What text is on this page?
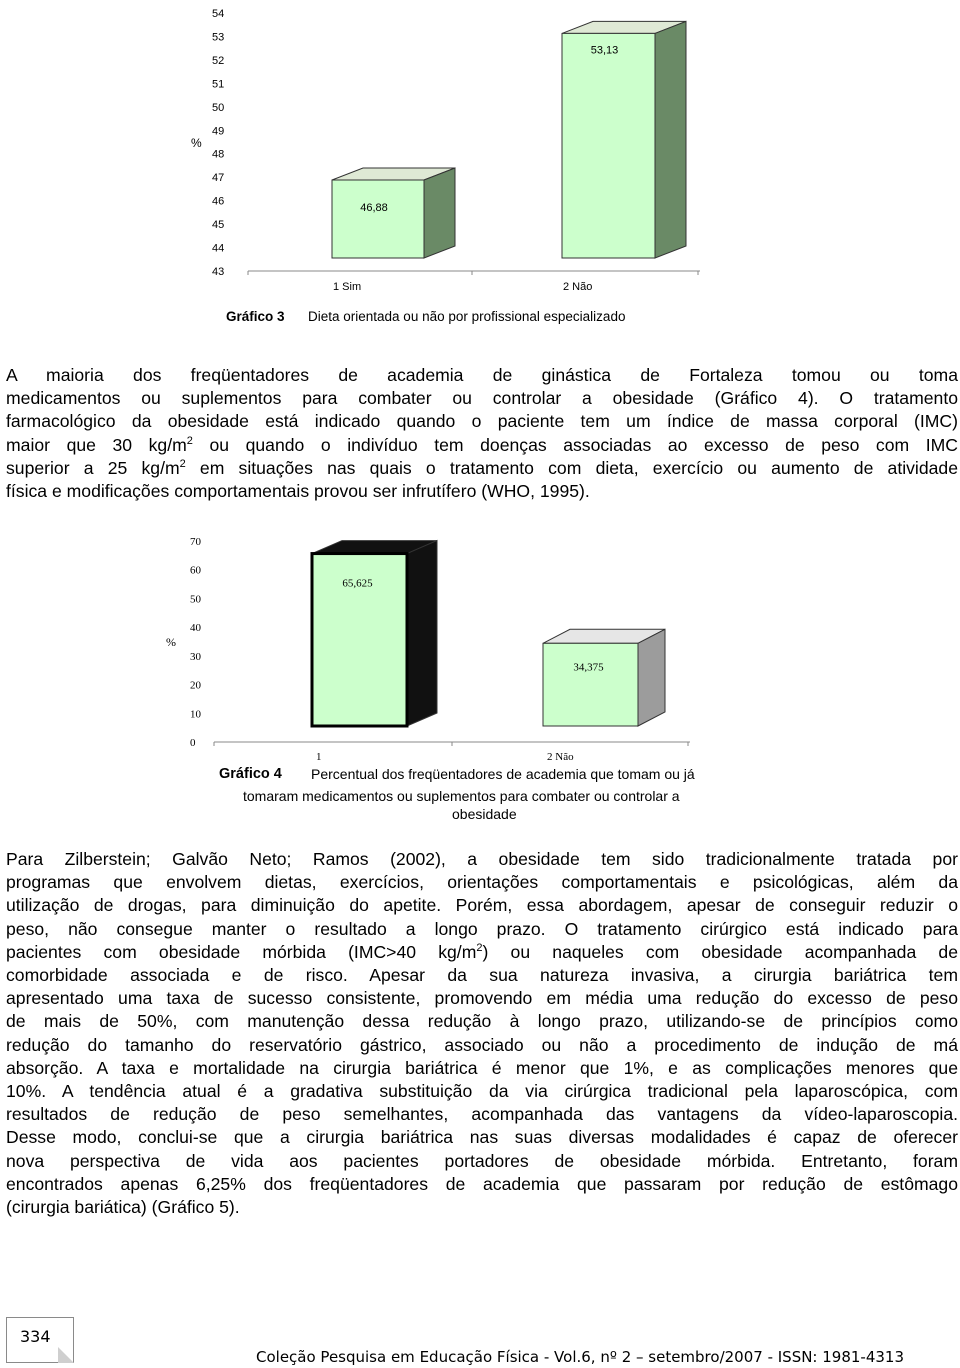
54
53
52
51
50
49
48
47
46
45
44
43
46,88
53,13
1 Sim	2 Não
%
Gráfico 3 Dieta orientada ou não por profissional especializado
A maioria dos freqüentadores de academia de ginástica de Fortaleza tomou ou toma
medicamentos ou suplementos para combater ou controlar a obesidade (Gráfico 4). O tratamento
farmacológico da obesidade está indicado quando o paciente tem um índice de massa corporal (IMC)
maior que 30 $kg/m^2$ ou quando o indivíduo tem doenças associadas ao excesso de peso com IMC
superior a 25 $kg/m^2$ em situações nas quais o tratamento com dieta, exercício ou aumento de atividade
física e modificações comportamentais provou ser infrutífero (WHO, 1995).
70
60
50
40
30
20
10
0
65,625
34,375
1	2 Não
%
Gráfico 4 Percentual dos freqüentadores de academia que tomam ou já
tomaram medicamentos ou suplementos para combater ou controlar a
obesidade
Para Zilberstein; Galvão Neto; Ramos (2002), a obesidade tem sido tradicionalmente tratada por
programas que envolvem dietas, exercícios, orientações comportamentais e psicológicas, além da
utilização de drogas, para diminuição do apetite. Porém, essa abordagem, apesar de conseguir reduzir o
peso, não consegue manter o resultado a longo prazo. O tratamento cirúrgico está indicado para
pacientes com obesidade mórbida (IMC>40 $kg/m^2$) ou naqueles com obesidade acompanhada de
comorbidade associada e de risco. Apesar da sua natureza invasiva, a cirurgia bariátrica tem
apresentado uma taxa de sucesso consistente, promovendo em média uma redução do excesso de peso
de mais de 50%, com manutenção dessa redução à longo prazo, utilizando-se de princípios como
redução do tamanho do reservatório gástrico, associado ou não a procedimento de indução de má
absorção. A taxa e mortalidade na cirurgia bariátrica é menor que 1%, e as complicações menores que
10%. A tendência atual é a gradativa substituição da via cirúrgica tradicional pela laparoscópica, com
resultados de redução de peso semelhantes, acompanhada das vantagens da vídeo-laparoscopia.
Desse modo, conclui-se que a cirurgia bariátrica nas suas diversas modalidades é capaz de oferecer
nova perspectiva de vida aos pacientes portadores de obesidade mórbida. Entretanto, foram
encontrados apenas 6,25% dos freqüentadores de academia que passaram por redução de estômago
(cirurgia bariática) (Gráfico 5).
334
Coleção Pesquisa em Educação Física - Vol.6, nº 2 – setembro/2007 - ISSN: 1981-4313
